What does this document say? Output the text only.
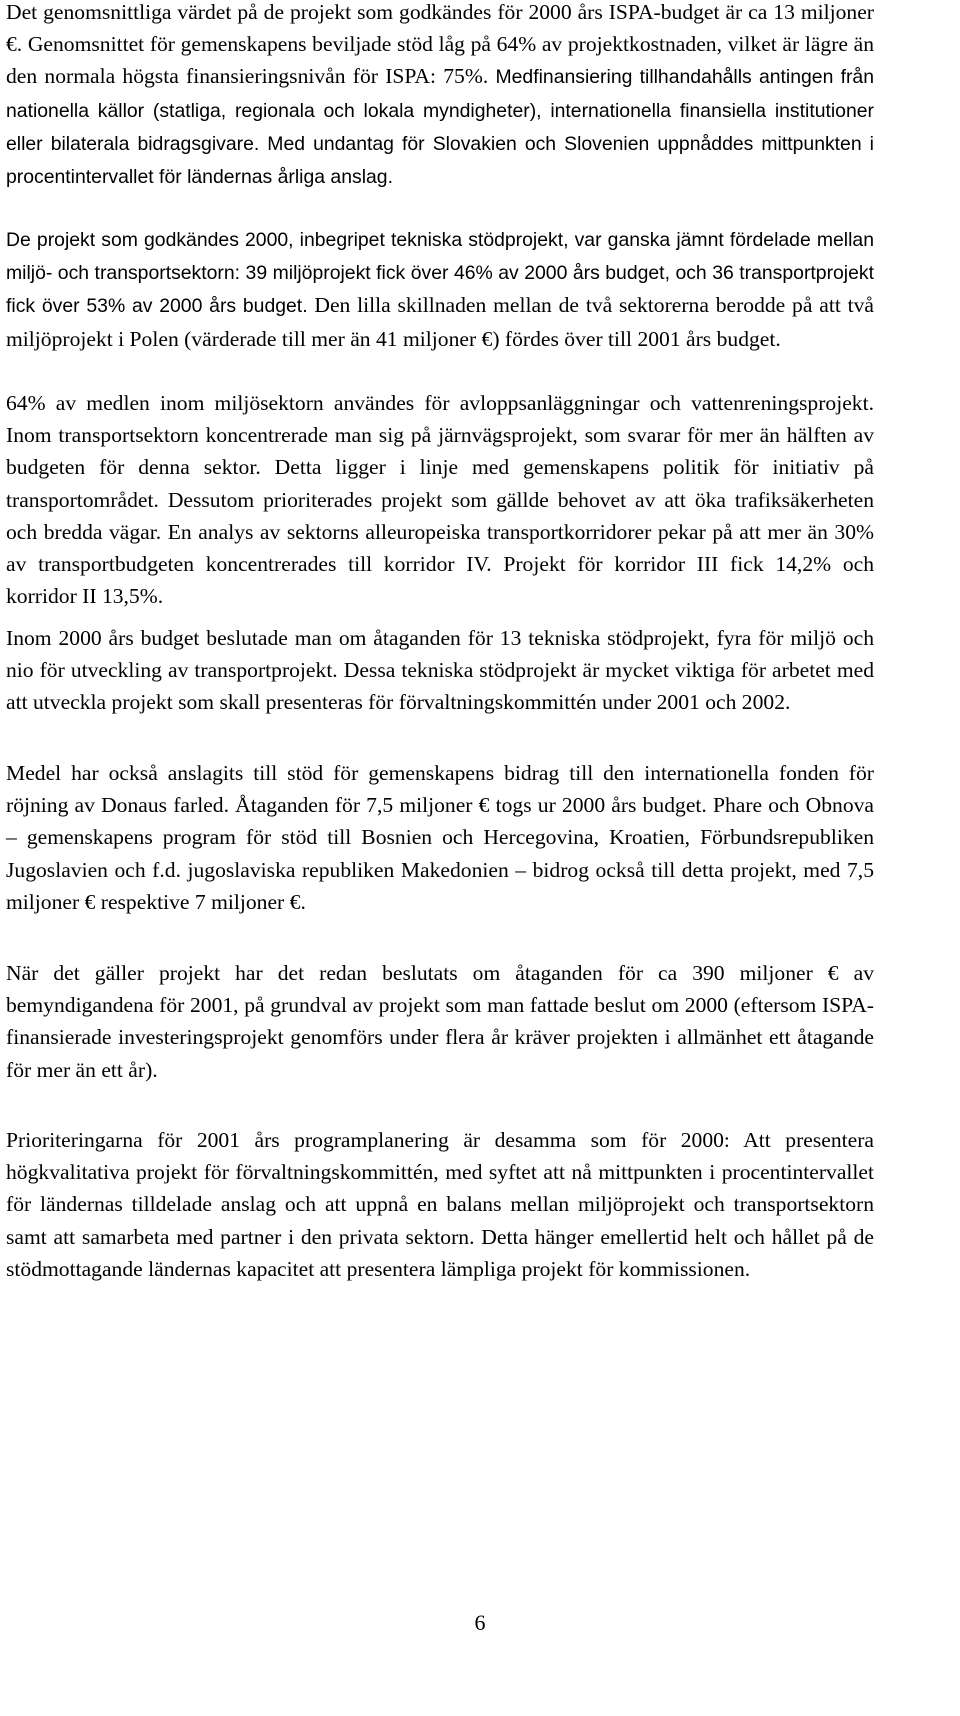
Det genomsnittliga värdet på de projekt som godkändes för 2000 års ISPA-budget är ca 13 miljoner €. Genomsnittet för gemenskapens beviljade stöd låg på 64% av projektkostnaden, vilket är lägre än den normala högsta finansieringsnivån för ISPA: 75%. Medfinansiering tillhandahålls antingen från nationella källor (statliga, regionala och lokala myndigheter), internationella finansiella institutioner eller bilaterala bidragsgivare. Med undantag för Slovakien och Slovenien uppnåddes mittpunkten i procentintervallet för ländernas årliga anslag.

De projekt som godkändes 2000, inbegripet tekniska stödprojekt, var ganska jämnt fördelade mellan miljö- och transportsektorn: 39 miljöprojekt fick över 46% av 2000 års budget, och 36 transportprojekt fick över 53% av 2000 års budget. Den lilla skillnaden mellan de två sektorerna berodde på att två miljöprojekt i Polen (värderade till mer än 41 miljoner €) fördes över till 2001 års budget.

64% av medlen inom miljösektorn användes för avloppsanläggningar och vattenreningsprojekt. Inom transportsektorn koncentrerade man sig på järnvägsprojekt, som svarar för mer än hälften av budgeten för denna sektor. Detta ligger i linje med gemenskapens politik för initiativ på transportområdet. Dessutom prioriterades projekt som gällde behovet av att öka trafiksäkerheten och bredda vägar. En analys av sektorns alleuropeiska transportkorridorer pekar på att mer än 30% av transportbudgeten koncentrerades till korridor IV. Projekt för korridor III fick 14,2% och korridor II 13,5%.

Inom 2000 års budget beslutade man om åtaganden för 13 tekniska stödprojekt, fyra för miljö och nio för utveckling av transportprojekt. Dessa tekniska stödprojekt är mycket viktiga för arbetet med att utveckla projekt som skall presenteras för förvaltningskommittén under 2001 och 2002.

Medel har också anslagits till stöd för gemenskapens bidrag till den internationella fonden för röjning av Donaus farled. Åtaganden för 7,5 miljoner € togs ur 2000 års budget. Phare och Obnova – gemenskapens program för stöd till Bosnien och Hercegovina, Kroatien, Förbundsrepubliken Jugoslavien och f.d. jugoslaviska republiken Makedonien – bidrog också till detta projekt, med 7,5 miljoner € respektive 7 miljoner €.

När det gäller projekt har det redan beslutats om åtaganden för ca 390 miljoner € av bemyndigandena för 2001, på grundval av projekt som man fattade beslut om 2000 (eftersom ISPA-finansierade investeringsprojekt genomförs under flera år kräver projekten i allmänhet ett åtagande för mer än ett år).

Prioriteringarna för 2001 års programplanering är desamma som för 2000: Att presentera högkvalitativa projekt för förvaltningskommittén, med syftet att nå mittpunkten i procentintervallet för ländernas tilldelade anslag och att uppnå en balans mellan miljöprojekt och transportsektorn samt att samarbeta med partner i den privata sektorn. Detta hänger emellertid helt och hållet på de stödmottagande ländernas kapacitet att presentera lämpliga projekt för kommissionen.

6
